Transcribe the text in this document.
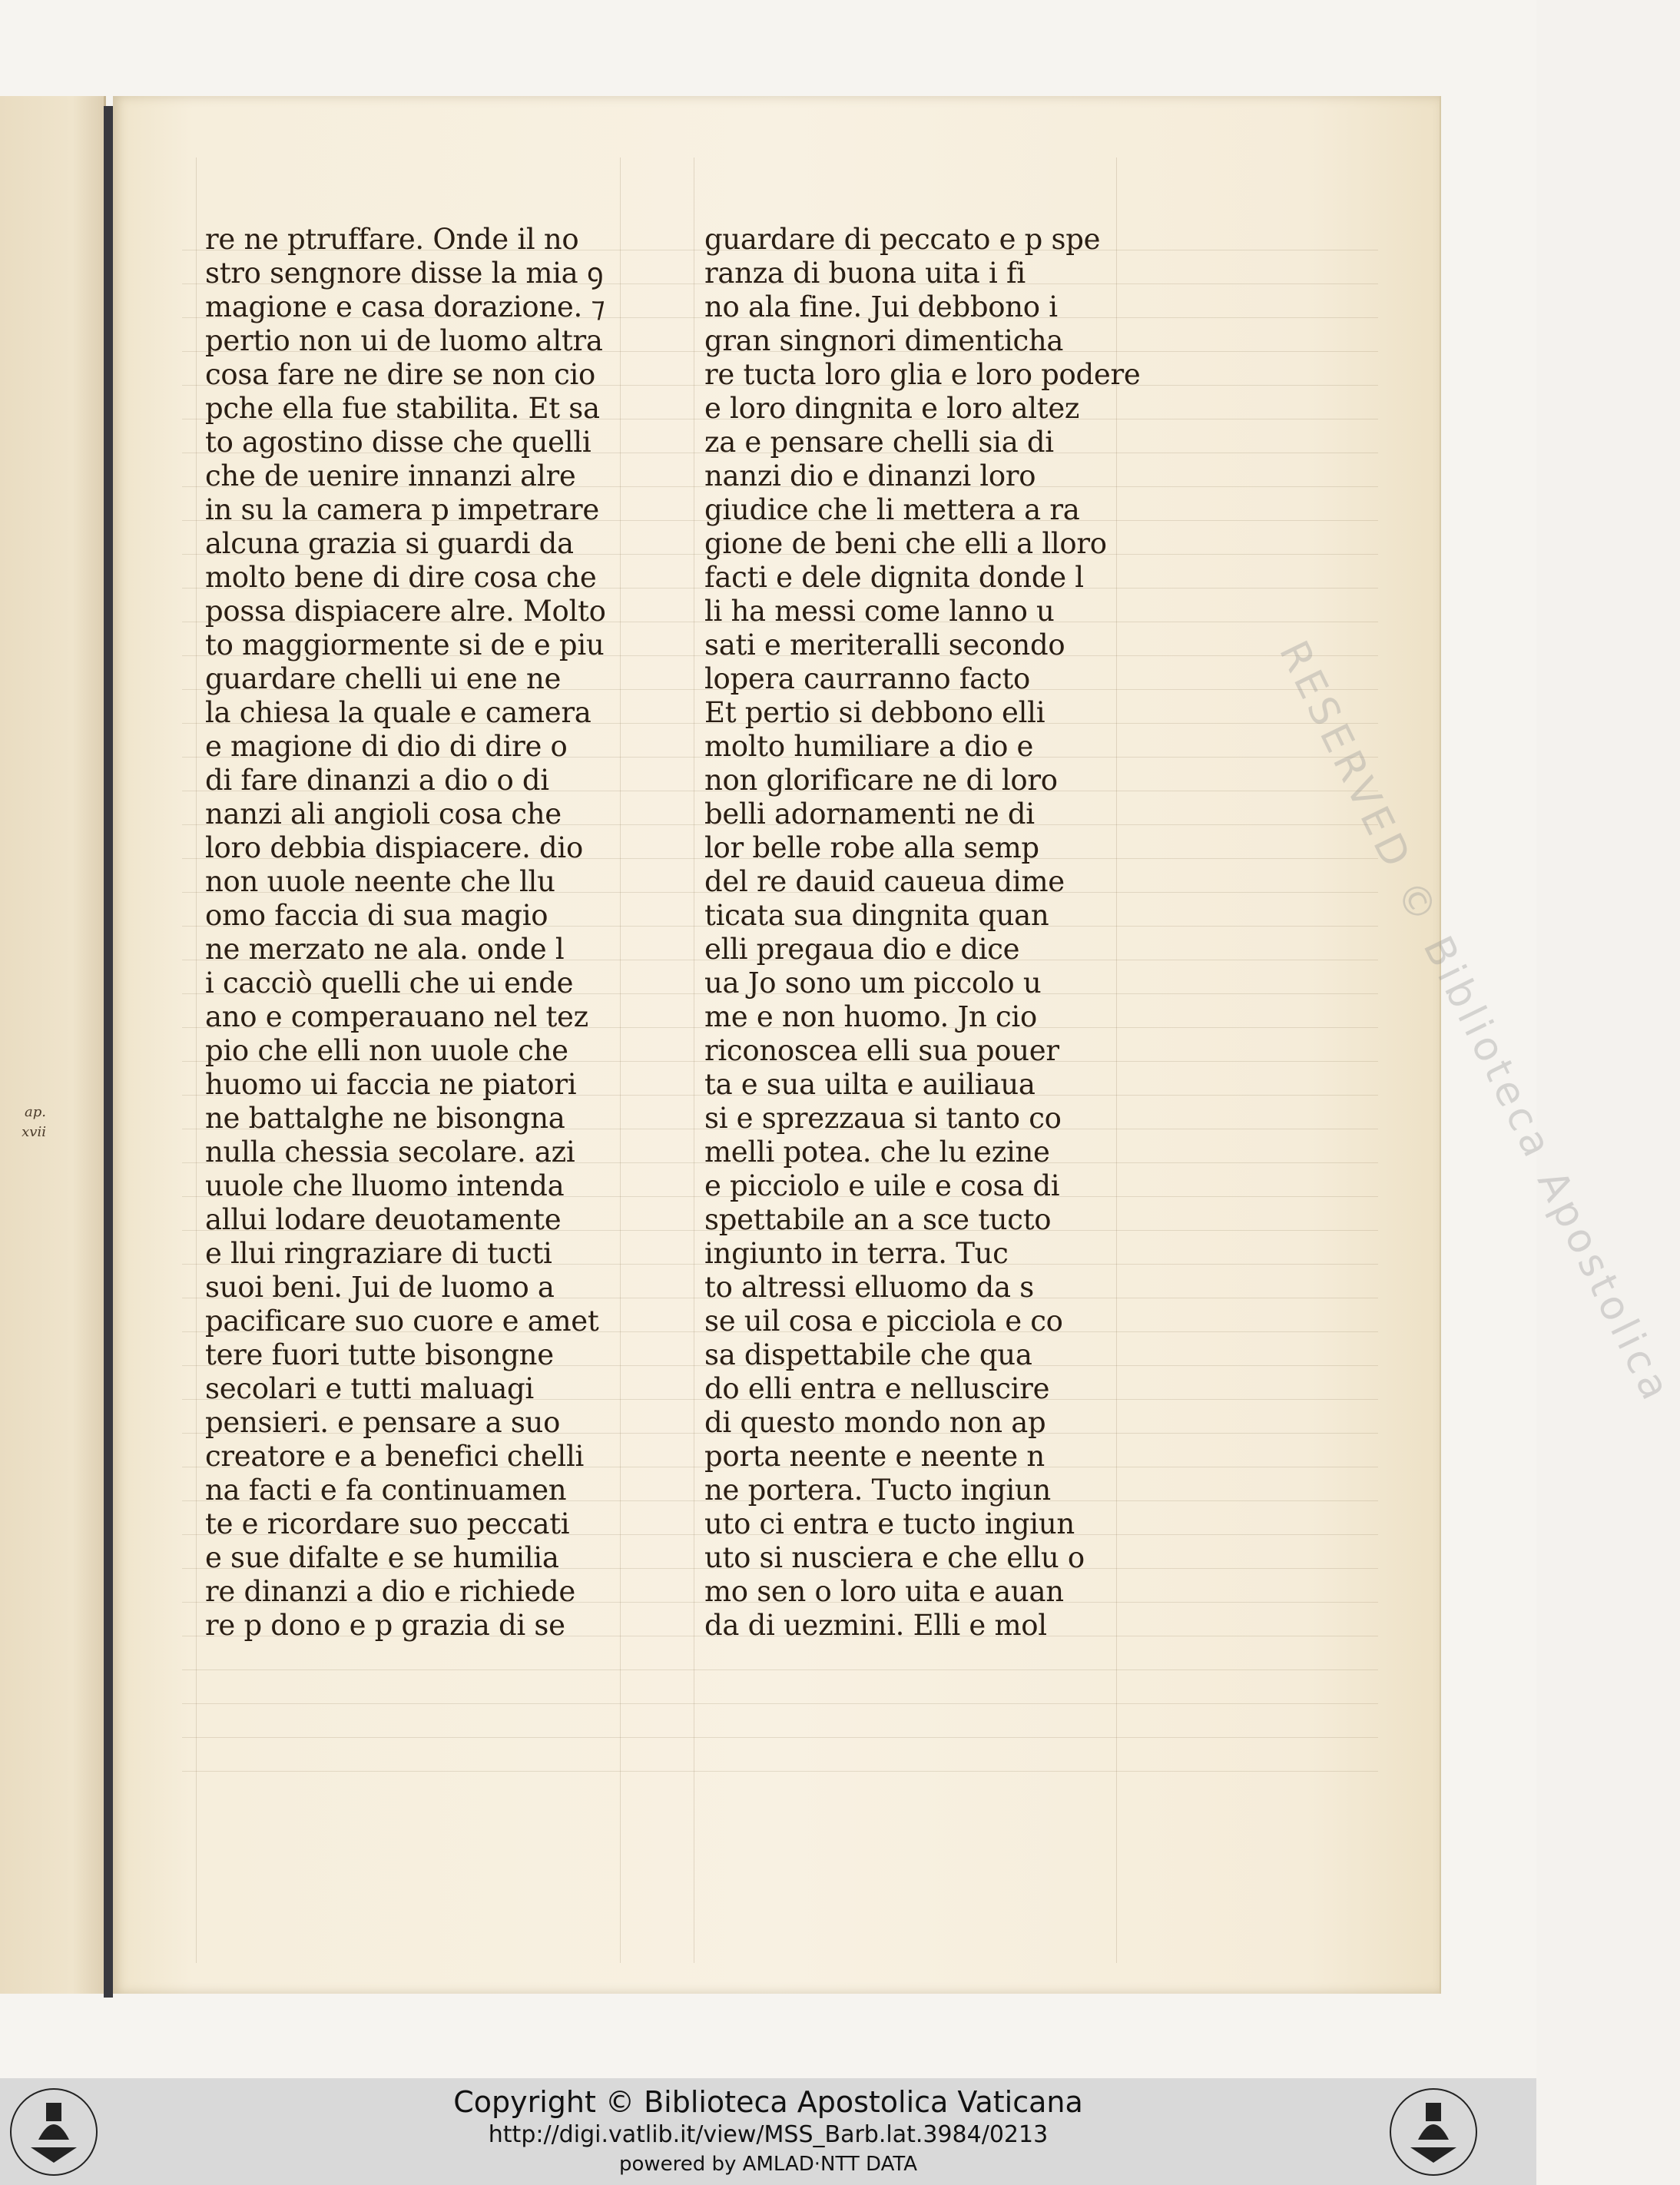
ap.
xvii
re ne ptruffare. Onde il no
stro sengnore disse la mia ꝯ
magione e casa dorazione. ⁊
pertio non ui de luomo altra
cosa fare ne dire se non cio
pche ella fue stabilita. Et sa
to agostino disse che quelli
che de uenire innanzi alre
in su la camera p impetrare
alcuna grazia si guardi da
molto bene di dire cosa che
possa dispiacere alre. Molto
to maggiormente si de e piu
guardare chelli ui ene ne
la chiesa la quale e camera
e magione di dio di dire o
di fare dinanzi a dio o di
nanzi ali angioli cosa che
loro debbia dispiacere. dio
non uuole neente che llu
omo faccia di sua magio
ne merzato ne ala. onde l
i cacciò quelli che ui ende
ano e comperauano nel tez
pio che elli non uuole che
huomo ui faccia ne piatori
ne battalghe ne bisongna
nulla chessia secolare. azi
uuole che lluomo intenda
allui lodare deuotamente
e llui ringraziare di tucti
suoi beni. Jui de luomo a
pacificare suo cuore e amet
tere fuori tutte bisongne
secolari e tutti maluagi
pensieri. e pensare a suo
creatore e a benefici chelli
na facti e fa continuamen
te e ricordare suo peccati
e sue difalte e se humilia
re dinanzi a dio e richiede
re p dono e p grazia di se
guardare di peccato e p spe
ranza di buona uita i fi
no ala fine. Jui debbono i
gran singnori dimenticha
re tucta loro glia e loro podere
e loro dingnita e loro altez
za e pensare chelli sia di
nanzi dio e dinanzi loro
giudice che li mettera a ra
gione de beni che elli a lloro
facti e dele dignita donde l
li ha messi come lanno u
sati e meriteralli secondo
lopera caurranno facto
Et pertio si debbono elli
molto humiliare a dio e
non glorificare ne di loro
belli adornamenti ne di
lor belle robe alla semp
del re dauid caueua dime
ticata sua dingnita quan
elli pregaua dio e dice
ua Jo sono um piccolo u
me e non huomo. Jn cio
riconoscea elli sua pouer
ta e sua uilta e auiliaua
si e sprezzaua si tanto co
melli potea. che lu ezine
e picciolo e uile e cosa di
spettabile an a sce tucto
ingiunto in terra. Tuc
to altressi elluomo da s
se uil cosa e picciola e co
sa dispettabile che qua
do elli entra e nelluscire
di questo mondo non ap
porta neente e neente n
ne portera. Tucto ingiun
uto ci entra e tucto ingiun
uto si nusciera e che ellu o
mo sen o loro uita e auan
da di uezmini. Elli e mol
RESERVED © Biblioteca Apostolica
Copyright © Biblioteca Apostolica Vaticana
http://digi.vatlib.it/view/MSS_Barb.lat.3984/0213
powered by AMLAD·NTT DATA
